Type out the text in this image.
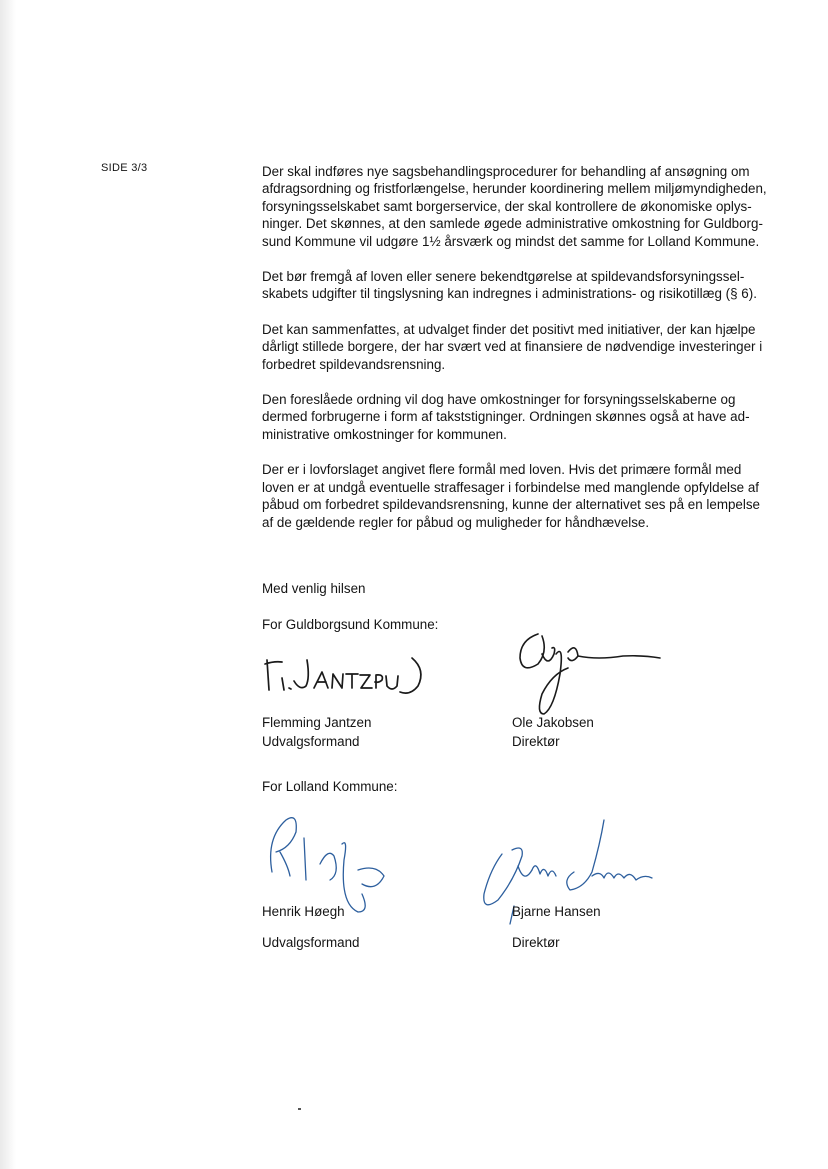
SIDE 3/3	Der skal indføres nye sagsbehandlingsprocedurer for behandling af ansøgning om
afdragsordning og fristforlængelse, herunder koordinering mellem miljømyndigheden,
forsyningsselskabet samt borgerservice, der skal kontrollere de økonomiske oplys-
ninger. Det skønnes, at den samlede øgede administrative omkostning for Guldborg-
sund Kommune vil udgøre 1½ årsværk og mindst det samme for Lolland Kommune.

Det bør fremgå af loven eller senere bekendtgørelse at spildevandsforsyningssel-
skabets udgifter til tingslysning kan indregnes i administrations- og risikotillæg (§ 6).

Det kan sammenfattes, at udvalget finder det positivt med initiativer, der kan hjælpe
dårligt stillede borgere, der har svært ved at finansiere de nødvendige investeringer i
forbedret spildevandsrensning.

Den foreslåede ordning vil dog have omkostninger for forsyningsselskaberne og
dermed forbrugerne i form af takststigninger. Ordningen skønnes også at have ad-
ministrative omkostninger for kommunen.

Der er i lovforslaget angivet flere formål med loven. Hvis det primære formål med
loven er at undgå eventuelle straffesager i forbindelse med manglende opfyldelse af
påbud om forbedret spildevandsrensning, kunne der alternativet ses på en lempelse
af de gældende regler for påbud og muligheder for håndhævelse.

Med venlig hilsen
For Guldborgsund Kommune:
Flemming Jantzen
Udvalgsformand
Ole Jakobsen
Direktør
For Lolland Kommune:
Henrik Høegh
Udvalgsformand
Bjarne Hansen
Direktør
